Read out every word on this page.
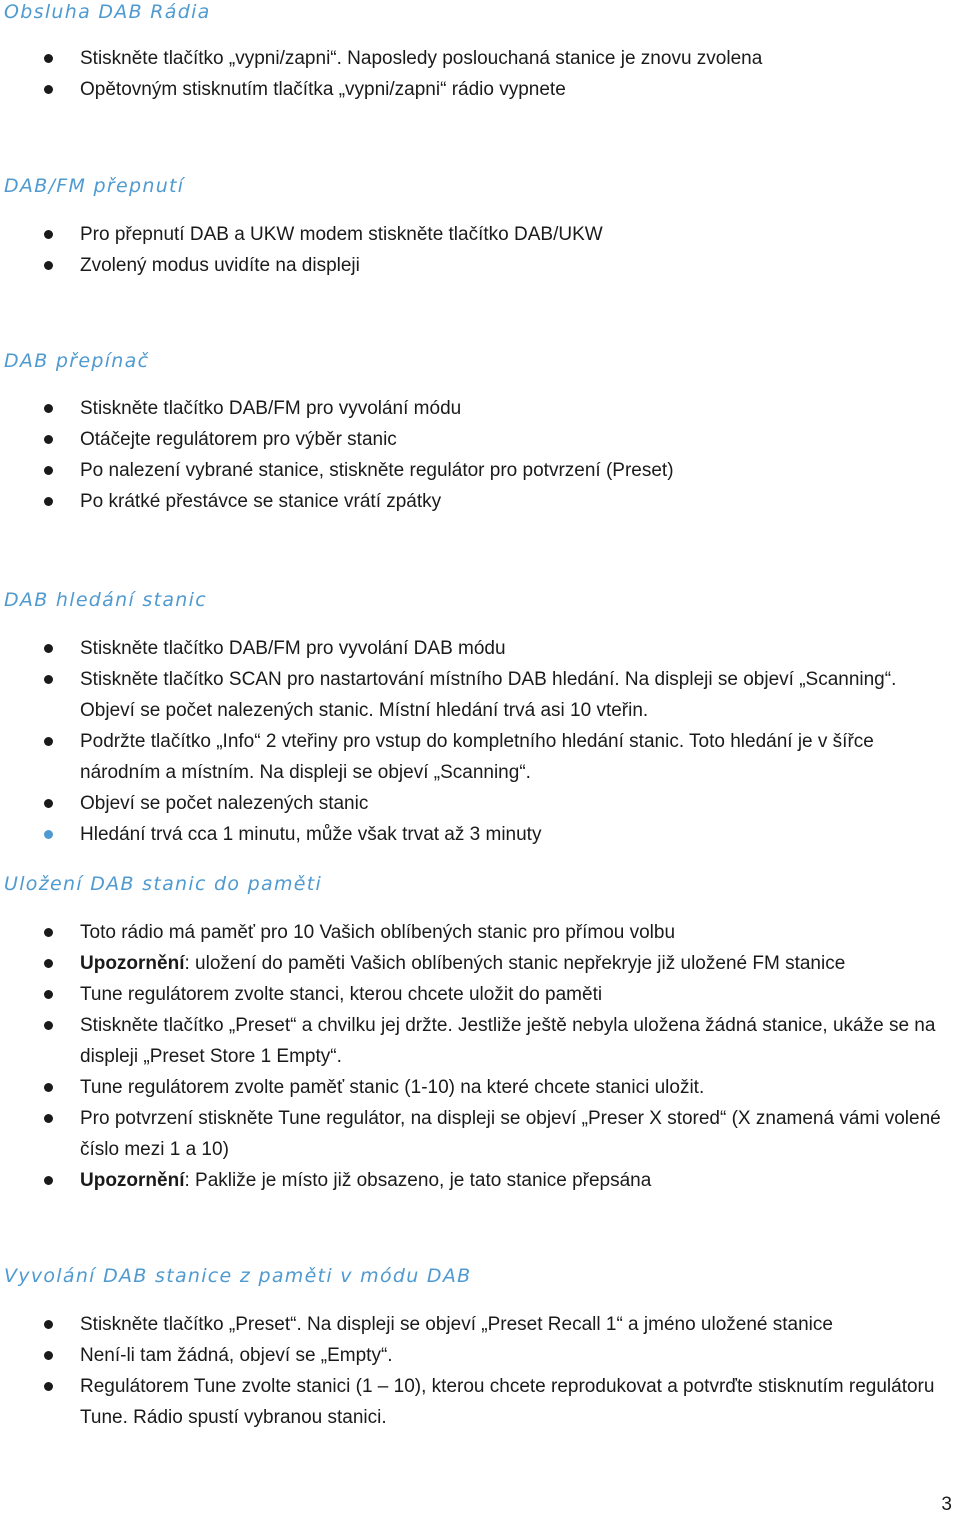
Obsluha DAB Rádia
Stiskněte tlačítko „vypni/zapni“. Naposledy poslouchaná stanice je znovu zvolena
Opětovným stisknutím tlačítka „vypni/zapni“ rádio vypnete
DAB/FM přepnutí
Pro přepnutí DAB a UKW modem stiskněte tlačítko DAB/UKW
Zvolený modus uvidíte na displeji
DAB přepínač
Stiskněte tlačítko DAB/FM pro vyvolání módu
Otáčejte regulátorem pro výběr stanic
Po nalezení vybrané stanice, stiskněte regulátor pro potvrzení (Preset)
Po krátké přestávce se stanice vrátí zpátky
DAB hledání stanic
Stiskněte tlačítko DAB/FM pro vyvolání DAB módu
Stiskněte tlačítko SCAN pro nastartování místního DAB hledání. Na displeji se objeví „Scanning“. Objeví se počet nalezených stanic. Místní hledání trvá asi 10 vteřin.
Podržte tlačítko „Info“ 2 vteřiny pro vstup do kompletního hledání stanic. Toto hledání je v šířce národním a místním. Na displeji se objeví „Scanning“.
Objeví se počet nalezených stanic
Hledání trvá cca 1 minutu, může však trvat až 3 minuty
Uložení DAB stanic do paměti
Toto rádio má paměť pro 10 Vašich oblíbených stanic pro přímou volbu
Upozornění: uložení do paměti Vašich oblíbených stanic nepřekryje již uložené FM stanice
Tune regulátorem zvolte stanci, kterou chcete uložit do paměti
Stiskněte tlačítko „Preset“ a chvilku jej držte. Jestliže ještě nebyla uložena žádná stanice, ukáže se na displeji „Preset Store 1 Empty“.
Tune regulátorem zvolte paměť stanic (1-10) na které chcete stanici uložit.
Pro potvrzení stiskněte Tune regulátor, na displeji se objeví „Preser X stored“ (X znamená vámi volené číslo mezi 1 a 10)
Upozornění: Pakliže je místo již obsazeno, je tato stanice přepsána
Vyvolání DAB stanice z paměti v módu DAB
Stiskněte tlačítko „Preset“. Na displeji se objeví „Preset Recall 1“ a jméno uložené stanice
Není-li tam žádná, objeví se „Empty“.
Regulátorem Tune zvolte stanici (1 – 10), kterou chcete reprodukovat a potvrďte stisknutím regulátoru Tune. Rádio spustí vybranou stanici.
3
